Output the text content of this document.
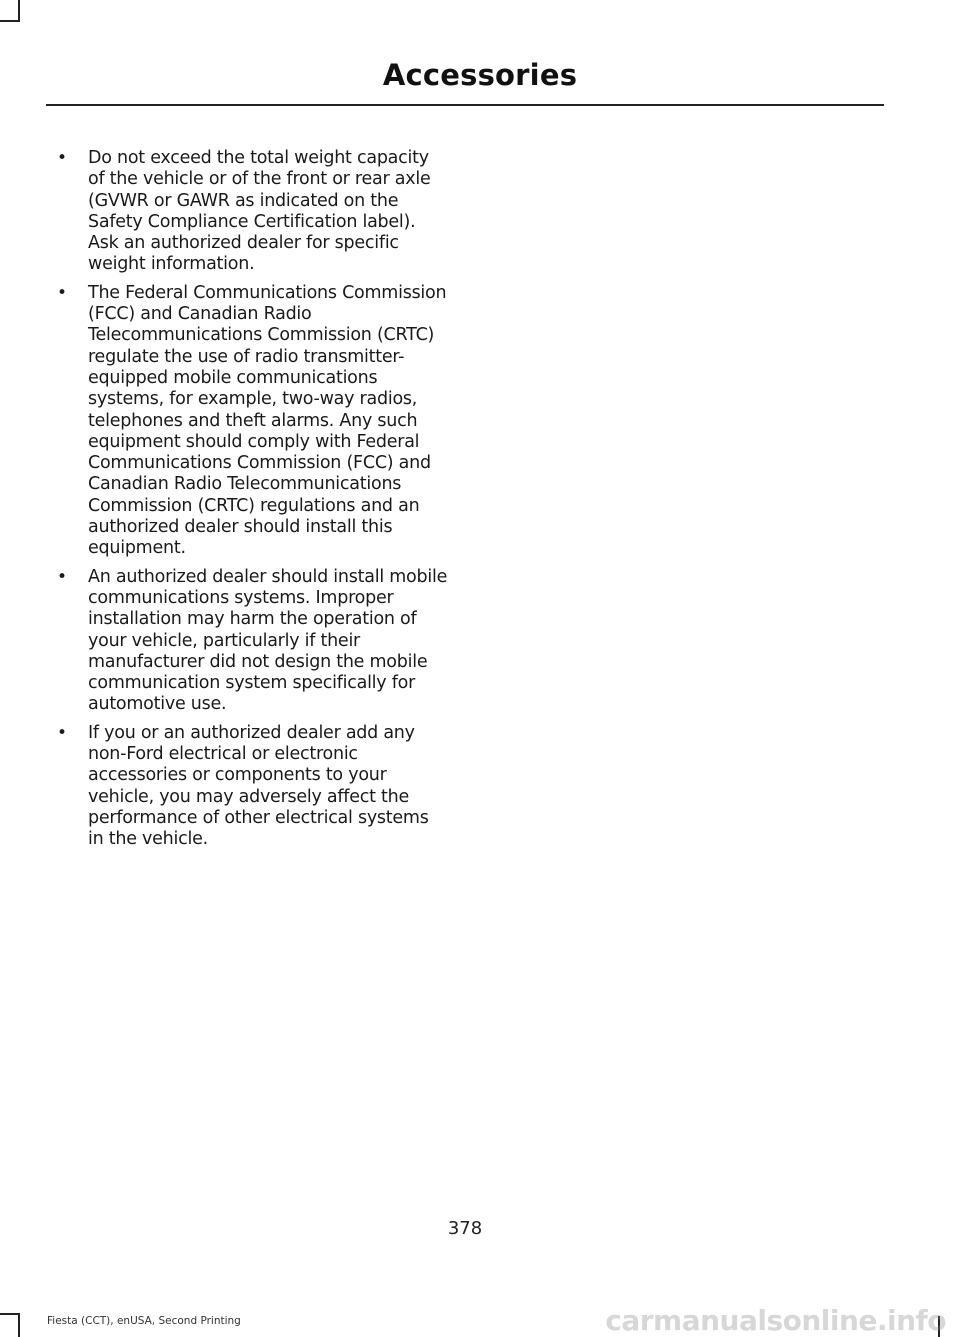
Accessories
• Do not exceed the total weight capacity of the vehicle or of the front or rear axle (GVWR or GAWR as indicated on the Safety Compliance Certification label). Ask an authorized dealer for specific weight information.
• The Federal Communications Commission (FCC) and Canadian Radio Telecommunications Commission (CRTC) regulate the use of radio transmitter-equipped mobile communications systems, for example, two-way radios, telephones and theft alarms. Any such equipment should comply with Federal Communications Commission (FCC) and Canadian Radio Telecommunications Commission (CRTC) regulations and an authorized dealer should install this equipment.
• An authorized dealer should install mobile communications systems. Improper installation may harm the operation of your vehicle, particularly if their manufacturer did not design the mobile communication system specifically for automotive use.
• If you or an authorized dealer add any non-Ford electrical or electronic accessories or components to your vehicle, you may adversely affect the performance of other electrical systems in the vehicle.
378
Fiesta (CCT), enUSA, Second Printing	carmanualsonline.info
